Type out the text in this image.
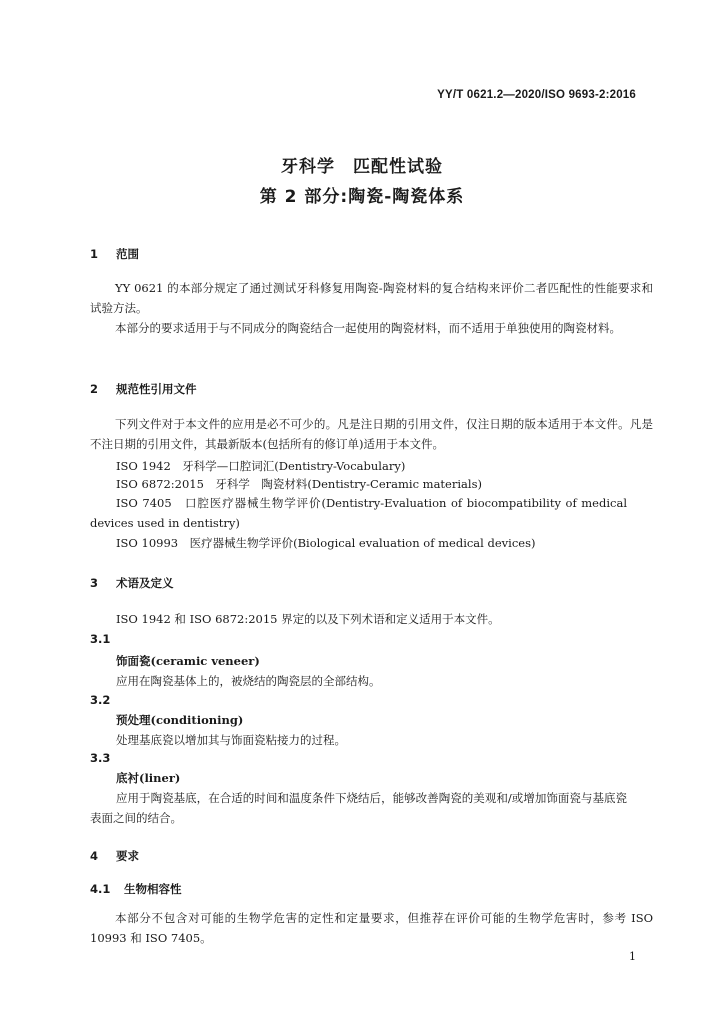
YY/T 0621.2—2020/ISO 9693-2:2016
牙科学　匹配性试验
第 2 部分:陶瓷-陶瓷体系
1 范围
YY 0621 的本部分规定了通过测试牙科修复用陶瓷-陶瓷材料的复合结构来评价二者匹配性的性能要求和试验方法。
本部分的要求适用于与不同成分的陶瓷结合一起使用的陶瓷材料，而不适用于单独使用的陶瓷材料。
2 规范性引用文件
下列文件对于本文件的应用是必不可少的。凡是注日期的引用文件，仅注日期的版本适用于本文件。凡是不注日期的引用文件，其最新版本(包括所有的修订单)适用于本文件。
ISO 1942　牙科学—口腔词汇(Dentistry-Vocabulary)
ISO 6872:2015　牙科学　陶瓷材料(Dentistry-Ceramic materials)
ISO 7405　口腔医疗器械生物学评价(Dentistry-Evaluation of biocompatibility of medical devices used in dentistry)
ISO 10993　医疗器械生物学评价(Biological evaluation of medical devices)
3 术语及定义
ISO 1942 和 ISO 6872:2015 界定的以及下列术语和定义适用于本文件。
3.1
饰面瓷(ceramic veneer)
应用在陶瓷基体上的，被烧结的陶瓷层的全部结构。
3.2
预处理(conditioning)
处理基底瓷以增加其与饰面瓷粘接力的过程。
3.3
底衬(liner)
应用于陶瓷基底，在合适的时间和温度条件下烧结后，能够改善陶瓷的美观和/或增加饰面瓷与基底瓷表面之间的结合。
4 要求
4.1 生物相容性
本部分不包含对可能的生物学危害的定性和定量要求，但推荐在评价可能的生物学危害时，参考 ISO 10993 和 ISO 7405。
1
